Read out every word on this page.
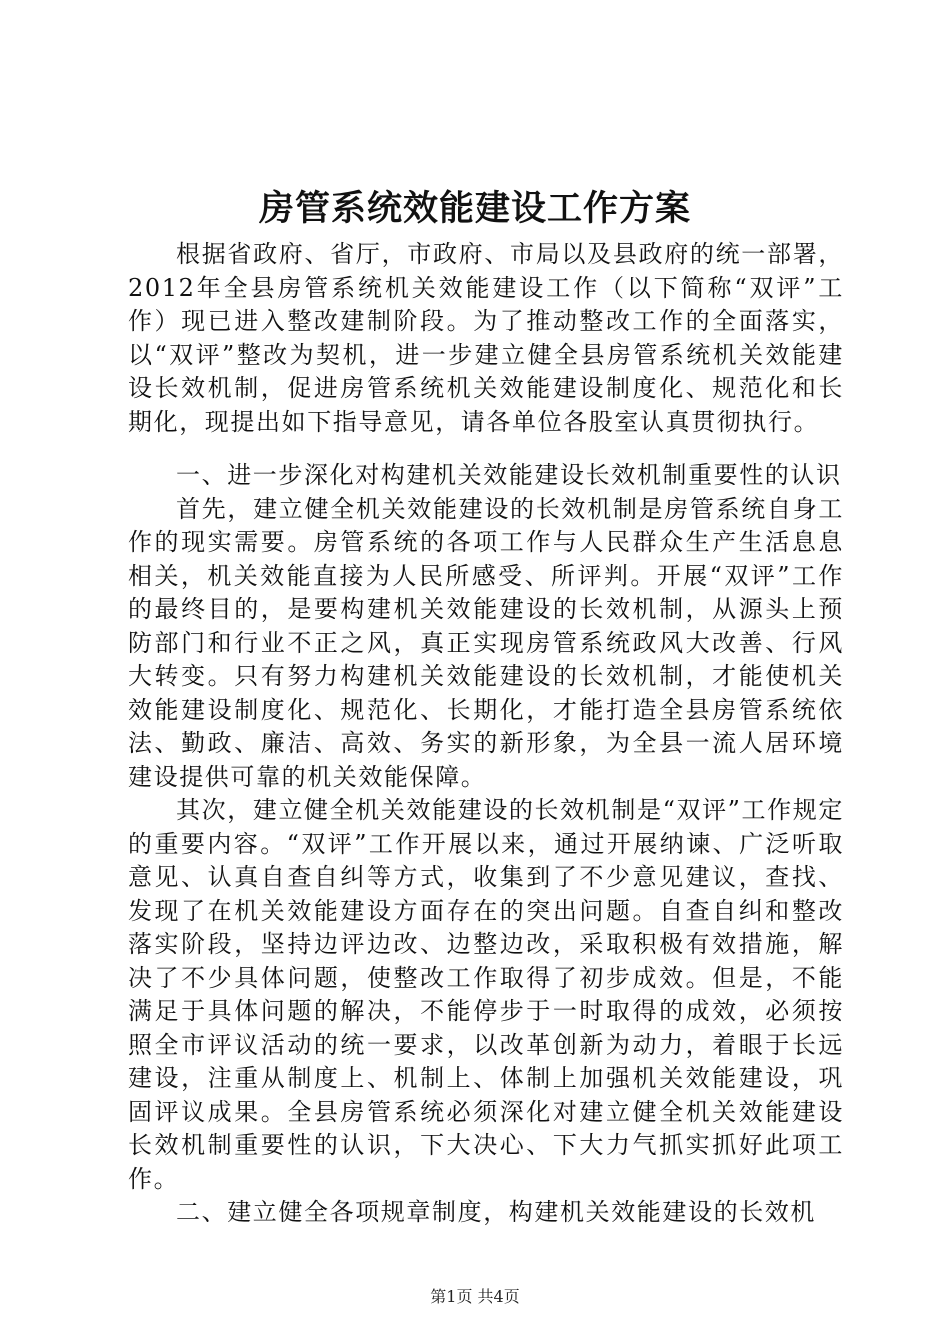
房管系统效能建设工作方案

根据省政府、省厅，市政府、市局以及县政府的统一部署，2012年全县房管系统机关效能建设工作（以下简称“双评”工作）现已进入整改建制阶段。为了推动整改工作的全面落实，以“双评”整改为契机，进一步建立健全县房管系统机关效能建设长效机制，促进房管系统机关效能建设制度化、规范化和长期化，现提出如下指导意见，请各单位各股室认真贯彻执行。

一、进一步深化对构建机关效能建设长效机制重要性的认识

首先，建立健全机关效能建设的长效机制是房管系统自身工作的现实需要。房管系统的各项工作与人民群众生产生活息息相关，机关效能直接为人民所感受、所评判。开展“双评”工作的最终目的，是要构建机关效能建设的长效机制，从源头上预防部门和行业不正之风，真正实现房管系统政风大改善、行风大转变。只有努力构建机关效能建设的长效机制，才能使机关效能建设制度化、规范化、长期化，才能打造全县房管系统依法、勤政、廉洁、高效、务实的新形象，为全县一流人居环境建设提供可靠的机关效能保障。

其次，建立健全机关效能建设的长效机制是“双评”工作规定的重要内容。“双评”工作开展以来，通过开展纳谏、广泛听取意见、认真自查自纠等方式，收集到了不少意见建议，查找、发现了在机关效能建设方面存在的突出问题。自查自纠和整改落实阶段，坚持边评边改、边整边改，采取积极有效措施，解决了不少具体问题，使整改工作取得了初步成效。但是，不能满足于具体问题的解决，不能停步于一时取得的成效，必须按照全市评议活动的统一要求，以改革创新为动力，着眼于长远建设，注重从制度上、机制上、体制上加强机关效能建设，巩固评议成果。全县房管系统必须深化对建立健全机关效能建设长效机制重要性的认识，下大决心、下大力气抓实抓好此项工作。

二、建立健全各项规章制度，构建机关效能建设的长效机

第1页 共4页
